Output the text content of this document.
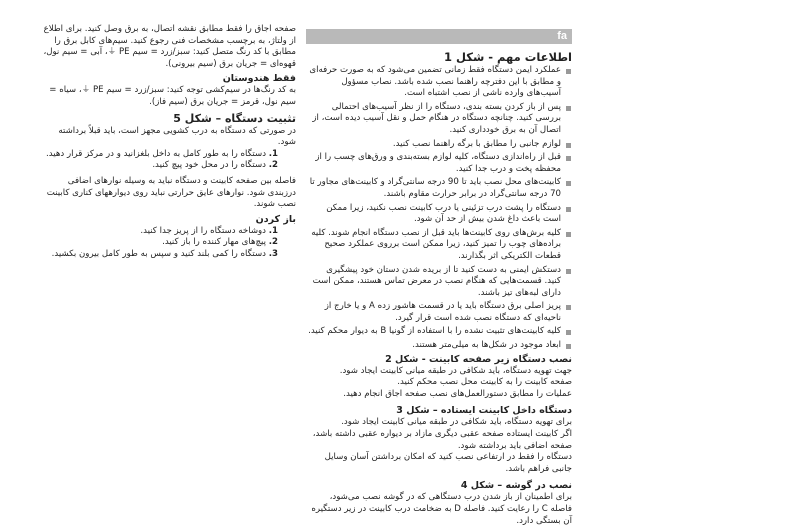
fa

صفحه اجاق را فقط مطابق نقشه اتصال، به برق وصل کنید. برای اطلاع از ولتاژ، به برچسب مشخصات فنی رجوع کنید. سیم‌های کابل برق را مطابق با کد رنگ متصل کنید: سبز/زرد = سیم PE ⏚، آبی = سیم نول، قهوه‌ای = جریان برق (سیم بیرونی).

فقط هندوستان

به کد رنگ‌ها در سیم‌کشی توجه کنید: سبز/زرد = سیم PE ⏚، سیاه = سیم نول، قرمز = جریان برق (سیم فاز).

تثبیت دستگاه – شکل 5

در صورتی که دستگاه به درب کشویی مجهز است، باید قبلاً برداشته شود.

1. دستگاه را به طور کامل به داخل بلغزانید و در مرکز قرار دهید.
2. دستگاه را در محل خود پیچ کنید.

فاصله بین صفحه کابینت و دستگاه نباید به وسیله نوارهای اضافی درزبندی شود. نوارهای عایق حرارتی نباید روی دیوارههای کناری کابینت نصب شوند.

باز کردن
1. دوشاخه دستگاه را از پریز جدا کنید.
2. پیچ‌های مهار کننده را باز کنید.
3. دستگاه را کمی بلند کنید و سپس به طور کامل بیرون بکشید.
اطلاعات مهم - شکل 1
عملکرد ایمن دستگاه فقط زمانی تضمین می‌شود که به صورت حرفه‌ای و مطابق با این دفترچه راهنما نصب شده باشد. نصاب مسؤول آسیب‌های وارده ناشی از نصب اشتباه است.
پس از باز کردن بسته بندی، دستگاه را از نظر آسیب‌های احتمالی بررسی کنید. چنانچه دستگاه در هنگام حمل و نقل آسیب دیده است، از اتصال آن به برق خودداری کنید.
لوازم جانبی را مطابق با برگه راهنما نصب کنید.
قبل از راه‌اندازی دستگاه، کلیه لوازم بسته‌بندی و ورق‌های چسب را از محفظه پخت و درب جدا کنید.
کابینت‌های محل نصب باید تا 90 درجه سانتی‌گراد و کابینت‌های مجاور تا 70 درجه سانتی‌گراد در برابر حرارت مقاوم باشند.
دستگاه را پشت درب تزئینی یا درب کابینت نصب نکنید، زیرا ممکن است باعث داغ شدن بیش از حد آن شود.
کلیه برش‌های روی کابینت‌ها باید قبل از نصب دستگاه انجام شوند. کلیه براده‌های چوب را تمیز کنید، زیرا ممکن است برروی عملکرد صحیح قطعات الکتریکی اثر بگذارند.
دستکش ایمنی به دست کنید تا از بریده شدن دستان خود پیشگیری کنید. قسمت‌هایی که هنگام نصب در معرض تماس هستند، ممکن است دارای لبه‌های تیز باشند.
پریز اصلی برق دستگاه باید یا در قسمت هاشور زده A و یا خارج از ناحیه‌ای که دستگاه نصب شده است قرار گیرد.
کلیه کابینت‌های تثبیت نشده را با استفاده از گونیا B به دیوار محکم کنید.
ابعاد موجود در شکل‌ها به میلی‌متر هستند.
نصب دستگاه زیر صفحه کابینت - شکل 2
جهت تهویه دستگاه، باید شکافی در طبقه میانی کابینت ایجاد شود.
صفحه کابینت را به کابینت محل نصب محکم کنید.
عملیات را مطابق دستورالعمل‌های نصب صفحه اجاق انجام دهید.
دستگاه داخل کابینت ایستاده – شکل 3
برای تهویه دستگاه، باید شکافی در طبقه میانی کابینت ایجاد شود.
اگر کابینت ایستاده صفحه عقبی دیگری مازاد بر دیواره عقبی داشته باشد، صفحه اضافی باید برداشته شود.
دستگاه را فقط در ارتفاعی نصب کنید که امکان برداشتن آسان وسایل جانبی فراهم باشد.
نصب در گوشه – شکل 4
برای اطمینان از باز شدن درب دستگاهی که در گوشه نصب می‌شود، فاصله C را رعایت کنید. فاصله D به ضخامت درب کابینت در زیر دستگیره آن بستگی دارد.
